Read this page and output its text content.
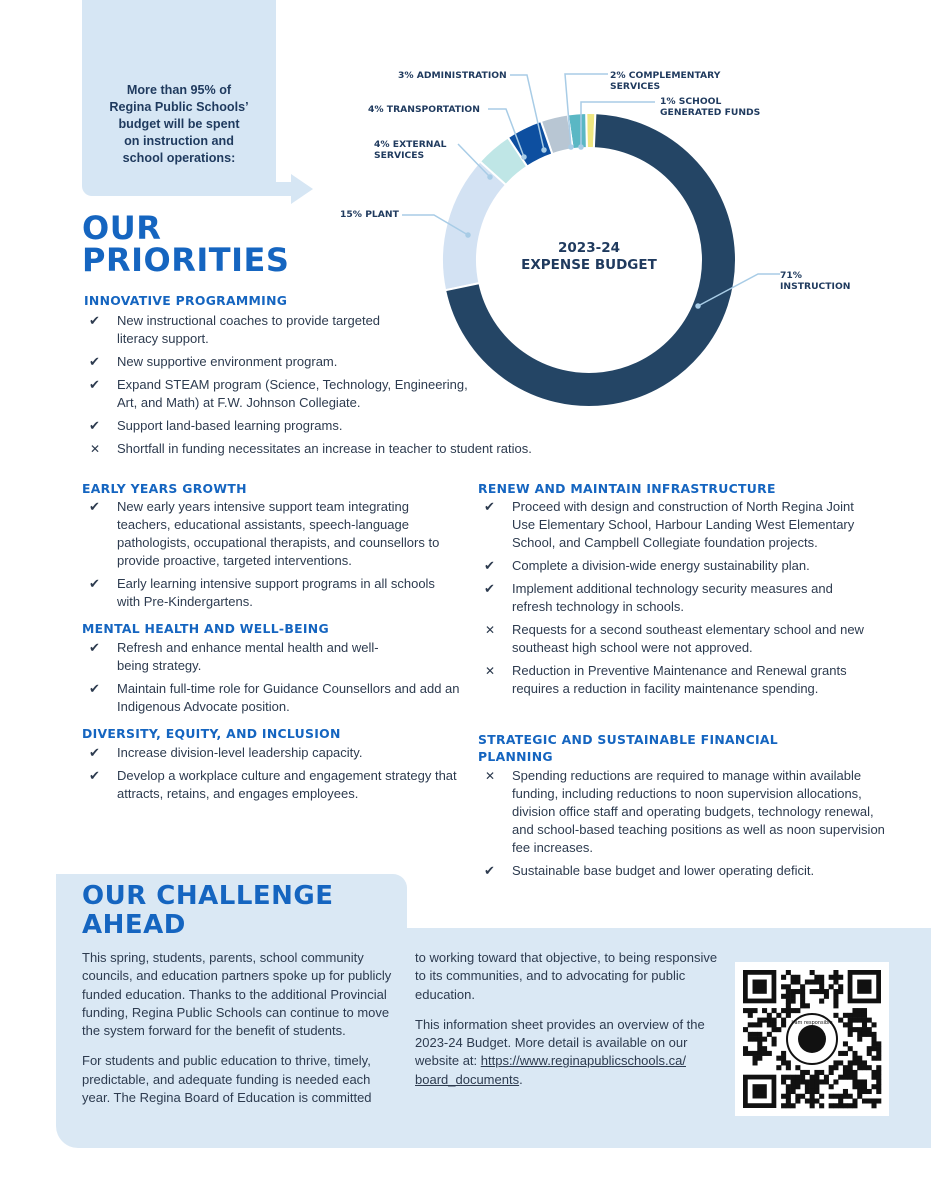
More than 95% of
Regina Public Schools’
budget will be spent
on instruction and
school operations:
OUR
PRIORITIES
INNOVATIVE PROGRAMMING
✔	New instructional coaches to provide targeted literacy support.
✔	New supportive environment program.
✔	Expand STEAM program (Science, Technology, Engineering, Art, and Math) at F.W. Johnson Collegiate.
✔	Support land-based learning programs.
✕	Shortfall in funding necessitates an increase in teacher to student ratios.
EARLY YEARS GROWTH
✔	New early years intensive support team integrating teachers, educational assistants, speech-language pathologists, occupational therapists, and counsellors to provide proactive, targeted interventions.
✔	Early learning intensive support programs in all schools with Pre-Kindergartens.
MENTAL HEALTH AND WELL-BEING
✔	Refresh and enhance mental health and well-being strategy.
✔	Maintain full-time role for Guidance Counsellors and add an Indigenous Advocate position.
DIVERSITY, EQUITY, AND INCLUSION
✔	Increase division-level leadership capacity.
✔	Develop a workplace culture and engagement strategy that attracts, retains, and engages employees.
RENEW AND MAINTAIN INFRASTRUCTURE
✔	Proceed with design and construction of North Regina Joint Use Elementary School, Harbour Landing West Elementary School, and Campbell Collegiate foundation projects.
✔	Complete a division-wide energy sustainability plan.
✔	Implement additional technology security measures and refresh technology in schools.
✕	Requests for a second southeast elementary school and new southeast high school were not approved.
✕	Reduction in Preventive Maintenance and Renewal grants requires a reduction in facility maintenance spending.
STRATEGIC AND SUSTAINABLE FINANCIAL
PLANNING
✕	Spending reductions are required to manage within available funding, including reductions to noon supervision allocations, division office staff and operating budgets, technology renewal, and school-based teaching positions as well as noon supervision fee increases.
✔	Sustainable base budget and lower operating deficit.
2023-24
EXPENSE BUDGET
71%
INSTRUCTION
15% PLANT
4% EXTERNAL
SERVICES
4% TRANSPORTATION
3% ADMINISTRATION	2% COMPLEMENTARY
SERVICES
1% SCHOOL
GENERATED FUNDS
OUR CHALLENGE
AHEAD

This spring, students, parents, school community councils, and education partners spoke up for publicly funded education. Thanks to the additional Provincial funding, Regina Public Schools can continue to move the system forward for the benefit of students.

For students and public education to thrive, timely, predictable, and adequate funding is needed each year. The Regina Board of Education is committed

to working toward that objective, to being responsive to its communities, and to advocating for public education.

This information sheet provides an overview of the 2023-24 Budget. More detail is available on our website at: https://www.reginapublicschools.ca/
board_documents.

I am responsible
